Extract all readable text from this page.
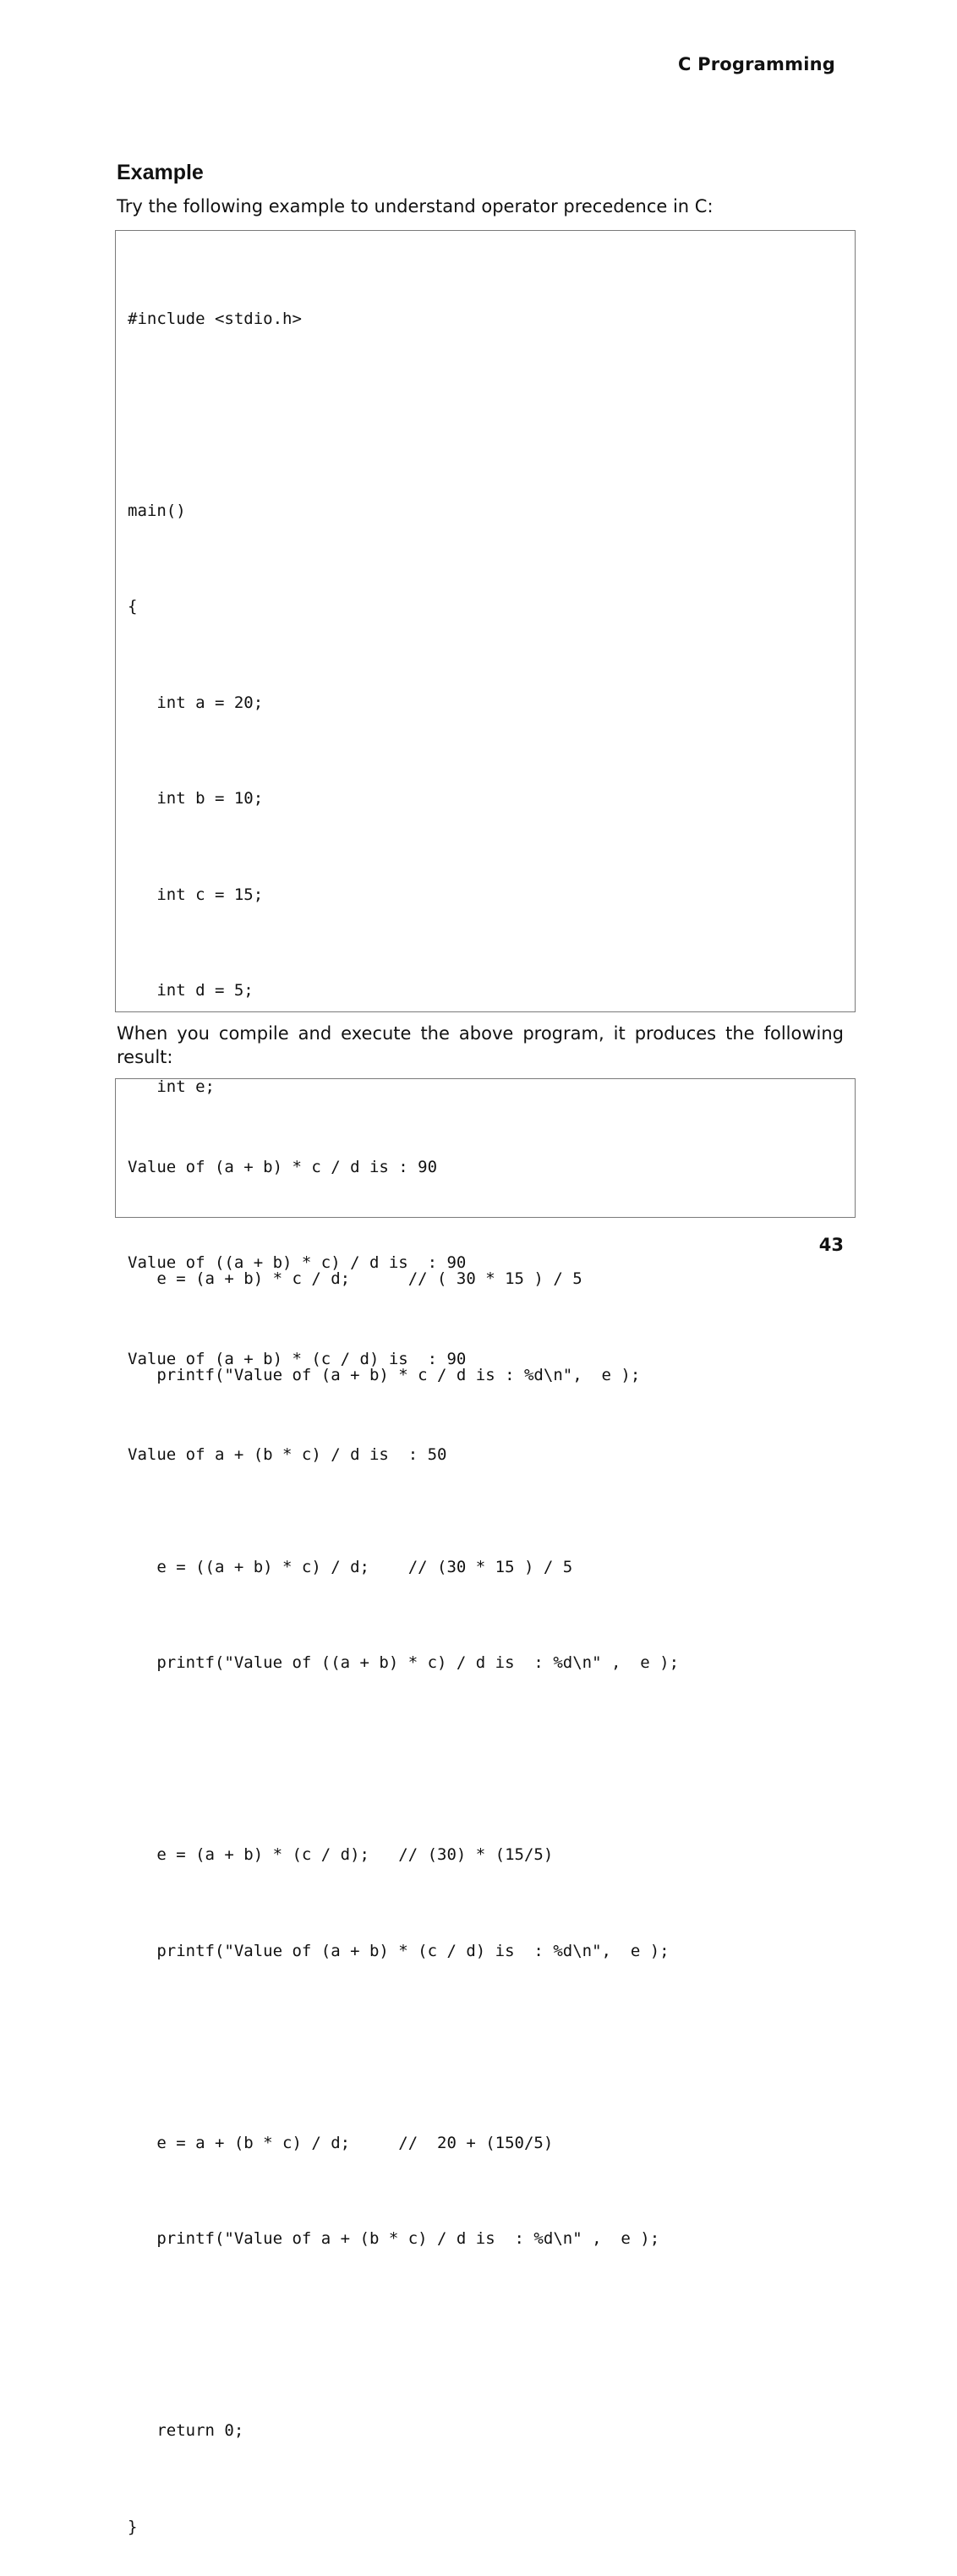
C Programming
Example
Try the following example to understand operator precedence in C:

#include <stdio.h>

main()

{

int a = 20;

int b = 10;

int c = 15;

int d = 5;

int e;

e = (a + b) * c / d;      // ( 30 * 15 ) / 5

printf("Value of (a + b) * c / d is : %d\n",  e );

e = ((a + b) * c) / d;    // (30 * 15 ) / 5

printf("Value of ((a + b) * c) / d is  : %d\n" ,  e );

e = (a + b) * (c / d);   // (30) * (15/5)

printf("Value of (a + b) * (c / d) is  : %d\n",  e );

e = a + (b * c) / d;     //  20 + (150/5)

printf("Value of a + (b * c) / d is  : %d\n" ,  e );

return 0;

}

When you compile and execute the above program, it produces the following result:

Value of (a + b) * c / d is : 90

Value of ((a + b) * c) / d is  : 90

Value of (a + b) * (c / d) is  : 90

Value of a + (b * c) / d is  : 50

43
